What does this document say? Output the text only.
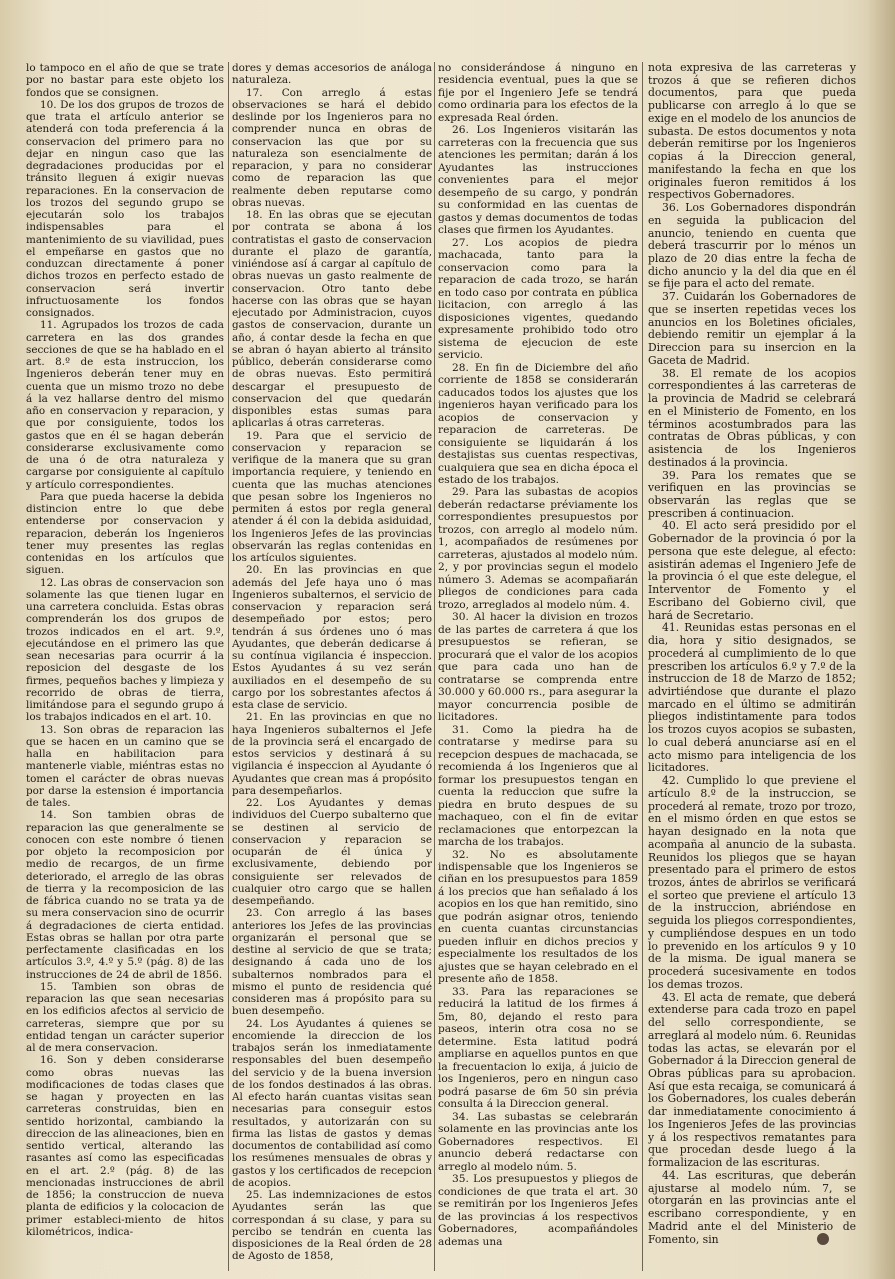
lo tampoco en el año de que se trate por no bastar para este objeto los fondos que se consignen.

10. De los dos grupos de trozos de que trata el artículo anterior se atenderá con toda preferencia á la conservacion del primero para no dejar en ningun caso que las degradaciones producidas por el tránsito lleguen á exigir nuevas reparaciones. En la conservacion de los trozos del segundo grupo se ejecutarán solo los trabajos indispensables para el mantenimiento de su viavilidad, pues el empeñarse en gastos que no conduzcan directamente á poner dichos trozos en perfecto estado de conservacion será invertir infructuosamente los fondos consignados.

11. Agrupados los trozos de cada carretera en las dos grandes secciones de que se ha hablado en el art. 8.º de esta instruccion, los Ingenieros deberán tener muy en cuenta que un mismo trozo no debe á la vez hallarse dentro del mismo año en conservacion y reparacion, y que por consiguiente, todos los gastos que en él se hagan deberán considerarse exclusivamente como de una ó de otra naturaleza y cargarse por consiguiente al capítulo y artículo correspondientes.

Para que pueda hacerse la debida distincion entre lo que debe entenderse por conservacion y reparacion, deberán los Ingenieros tener muy presentes las reglas contenidas en los artículos que siguen.

12. Las obras de conservacion son solamente las que tienen lugar en una carretera concluida. Estas obras comprenderán los dos grupos de trozos indicados en el art. 9.º, ejecutándose en el primero las que sean necesarias para ocurrir á la reposicion del desgaste de los firmes, pequeños baches y limpieza y recorrido de obras de tierra, limitándose para el segundo grupo á los trabajos indicados en el art. 10.

13. Son obras de reparacion las que se hacen en un camino que se halla en habilitacion para mantenerle viable, miéntras estas no tomen el carácter de obras nuevas por darse la estension é importancia de tales.

14. Son tambien obras de reparacion las que generalmente se conocen con este nombre ó tienen por objeto la recomposicion por medio de recargos, de un firme deteriorado, el arreglo de las obras de tierra y la recomposicion de las de fábrica cuando no se trata ya de su mera conservacion sino de ocurrir á degradaciones de cierta entidad. Estas obras se hallan por otra parte perfectamente clasificadas en los artículos 3.º, 4.º y 5.º (pág. 8) de las instrucciones de 24 de abril de 1856.

15. Tambien son obras de reparacion las que sean necesarias en los edificios afectos al servicio de carreteras, siempre que por su entidad tengan un carácter superior al de mera conservacion.

16. Son y deben considerarse como obras nuevas las modificaciones de todas clases que se hagan y proyecten en las carreteras construidas, bien en sentido horizontal, cambiando la direccion de las alineaciones, bien en sentido vertical, alterando las rasantes así como las especificadas en el art. 2.º (pág. 8) de las mencionadas instrucciones de abril de 1856; la construccion de nueva planta de edificios y la colocacion de primer estableci-miento de hitos kilométricos, indica-

dores y demas accesorios de análoga naturaleza.

17. Con arreglo á estas observaciones se hará el debido deslinde por los Ingenieros para no comprender nunca en obras de conservacion las que por su naturaleza son esencialmente de reparacion, y para no considerar como de reparacion las que realmente deben reputarse como obras nuevas.

18. En las obras que se ejecutan por contrata se abona á los contratistas el gasto de conservacion durante el plazo de garantía, viniéndose así á cargar al capítulo de obras nuevas un gasto realmente de conservacion. Otro tanto debe hacerse con las obras que se hayan ejecutado por Administracion, cuyos gastos de conservacion, durante un año, á contar desde la fecha en que se abran ó hayan abierto al tránsito público, deberán considerarse como de obras nuevas. Esto permitirá descargar el presupuesto de conservacion del que quedarán disponibles estas sumas para aplicarlas á otras carreteras.

19. Para que el servicio de conservacion y reparacion se verifique de la manera que su gran importancia requiere, y teniendo en cuenta que las muchas atenciones que pesan sobre los Ingenieros no permiten á estos por regla general atender á él con la debida asiduidad, los Ingenieros Jefes de las provincias observarán las reglas contenidas en los artículos siguientes.

20. En las provincias en que además del Jefe haya uno ó mas Ingenieros subalternos, el servicio de conservacion y reparacion será desempeñado por estos; pero tendrán á sus órdenes uno ó mas Ayudantes, que deberán dedicarse á su contínua vigilancia é inspeccion. Estos Ayudantes á su vez serán auxiliados en el desempeño de su cargo por los sobrestantes afectos á esta clase de servicio.

21. En las provincias en que no haya Ingenieros subalternos el Jefe de la provincia será el encargado de estos servicios y destinará á su vigilancia é inspeccion al Ayudante ó Ayudantes que crean mas á propósito para desempeñarlos.

22. Los Ayudantes y demas individuos del Cuerpo subalterno que se destinen al servicio de conservacion y reparacion se ocuparán de él única y exclusivamente, debiendo por consiguiente ser relevados de cualquier otro cargo que se hallen desempeñando.

23. Con arreglo á las bases anteriores los Jefes de las provincias organizarán el personal que se destine al servicio de que se trata; designando á cada uno de los subalternos nombrados para el mismo el punto de residencia qué consideren mas á propósito para su buen desempeño.

24. Los Ayudantes á quienes se encomiende la direccion de los trabajos serán los inmediatamente responsables del buen desempeño del servicio y de la buena inversion de los fondos destinados á las obras. Al efecto harán cuantas visitas sean necesarias para conseguir estos resultados, y autorizarán con su firma las listas de gastos y demas documentos de contabilidad así como los resúmenes mensuales de obras y gastos y los certificados de recepcion de acopios.

25. Las indemnizaciones de estos Ayudantes serán las que correspondan á su clase, y para su percibo se tendrán en cuenta las disposiciones de la Real órden de 28 de Agosto de 1858,

no considerándose á ninguno en residencia eventual, pues la que se fije por el Ingeniero Jefe se tendrá como ordinaria para los efectos de la expresada Real órden.

26. Los Ingenieros visitarán las carreteras con la frecuencia que sus atenciones les permitan; darán á los Ayudantes las instrucciones convenientes para el mejor desempeño de su cargo, y pondrán su conformidad en las cuentas de gastos y demas documentos de todas clases que firmen los Ayudantes.

27. Los acopios de piedra machacada, tanto para la conservacion como para la reparacion de cada trozo, se harán en todo caso por contrata en pública licitacion, con arreglo á las disposiciones vigentes, quedando expresamente prohibido todo otro sistema de ejecucion de este servicio.

28. En fin de Diciembre del año corriente de 1858 se considerarán caducados todos los ajustes que los ingenieros hayan verificado para los acopios de conservacion y reparacion de carreteras. De consiguiente se liquidarán á los destajistas sus cuentas respectivas, cualquiera que sea en dicha época el estado de los trabajos.

29. Para las subastas de acopios deberán redactarse préviamente los correspondientes presupuestos por trozos, con arreglo al modelo núm. 1, acompañados de resúmenes por carreteras, ajustados al modelo núm. 2, y por provincias segun el modelo número 3. Ademas se acompañarán pliegos de condiciones para cada trozo, arreglados al modelo núm. 4.

30. Al hacer la division en trozos de las partes de carretera á que los presupuestos se refieran, se procurará que el valor de los acopios que para cada uno han de contratarse se comprenda entre 30.000 y 60.000 rs., para asegurar la mayor concurrencia posible de licitadores.

31. Como la piedra ha de contratarse y medirse para su recepcion despues de machacada, se recomienda á los Ingenieros que al formar los presupuestos tengan en cuenta la reduccion que sufre la piedra en bruto despues de su machaqueo, con el fin de evitar reclamaciones que entorpezcan la marcha de los trabajos.

32. No es absolutamente indispensable que los Ingenieros se ciñan en los presupuestos para 1859 á los precios que han señalado á los acopios en los que han remitido, sino que podrán asignar otros, teniendo en cuenta cuantas circunstancias pueden influir en dichos precios y especialmente los resultados de los ajustes que se hayan celebrado en el presente año de 1858.

33. Para las reparaciones se reducirá la latitud de los firmes á 5m, 80, dejando el resto para paseos, interin otra cosa no se determine. Esta latitud podrá ampliarse en aquellos puntos en que la frecuentacion lo exija, á juicio de los Ingenieros, pero en ningun caso podrá pasarse de 6m 50 sin prévia consulta á la Direccion general.

34. Las subastas se celebrarán solamente en las provincias ante los Gobernadores respectivos. El anuncio deberá redactarse con arreglo al modelo núm. 5.

35. Los presupuestos y pliegos de condiciones de que trata el art. 30 se remitirán por los Ingenieros Jefes de las provincias á los respectivos Gobernadores, acompañándoles ademas una

nota expresiva de las carreteras y trozos á que se refieren dichos documentos, para que pueda publicarse con arreglo á lo que se exige en el modelo de los anuncios de subasta. De estos documentos y nota deberán remitirse por los Ingenieros copias á la Direccion general, manifestando la fecha en que los originales fueron remitidos á los respectivos Gobernadores.

36. Los Gobernadores dispondrán en seguida la publicacion del anuncio, teniendo en cuenta que deberá trascurrir por lo ménos un plazo de 20 dias entre la fecha de dicho anuncio y la del dia que en él se fije para el acto del remate.

37. Cuidarán los Gobernadores de que se inserten repetidas veces los anuncios en los Boletines oficiales, debiendo remitir un ejemplar á la Direccion para su insercion en la Gaceta de Madrid.

38. El remate de los acopios correspondientes á las carreteras de la provincia de Madrid se celebrará en el Ministerio de Fomento, en los términos acostumbrados para las contratas de Obras públicas, y con asistencia de los Ingenieros destinados á la provincia.

39. Para los remates que se verifiquen en las provincias se observarán las reglas que se prescriben á continuacion.

40. El acto será presidido por el Gobernador de la provincia ó por la persona que este delegue, al efecto: asistirán ademas el Ingeniero Jefe de la provincia ó el que este delegue, el Interventor de Fomento y el Escribano del Gobierno civil, que hará de Secretario.

41. Reunidas estas personas en el dia, hora y sitio designados, se procederá al cumplimiento de lo que prescriben los artículos 6.º y 7.º de la instruccion de 18 de Marzo de 1852; advirtiéndose que durante el plazo marcado en el último se admitirán pliegos indistintamente para todos los trozos cuyos acopios se subasten, lo cual deberá anunciarse así en el acto mismo para inteligencia de los licitadores.

42. Cumplido lo que previene el artículo 8.º de la instruccion, se procederá al remate, trozo por trozo, en el mismo órden en que estos se hayan designado en la nota que acompaña al anuncio de la subasta. Reunidos los pliegos que se hayan presentado para el primero de estos trozos, ántes de abrirlos se verificará el sorteo que previene el artículo 13 de la instruccion, abriéndose en seguida los pliegos correspondientes, y cumpliéndose despues en un todo lo prevenido en los artículos 9 y 10 de la misma. De igual manera se procederá sucesivamente en todos los demas trozos.

43. El acta de remate, que deberá extenderse para cada trozo en papel del sello correspondiente, se arreglará al modelo núm. 6. Reunidas todas las actas, se elevarán por el Gobernador á la Direccion general de Obras públicas para su aprobacion. Así que esta recaiga, se comunicará á los Gobernadores, los cuales deberán dar inmediatamente conocimiento á los Ingenieros Jefes de las provincias y á los respectivos rematantes para que procedan desde luego á la formalizacion de las escrituras.

44. Las escrituras, que deberán ajustarse al modelo núm. 7, se otorgarán en las provincias ante el escribano correspondiente, y en Madrid ante el del Ministerio de Fomento, sin
